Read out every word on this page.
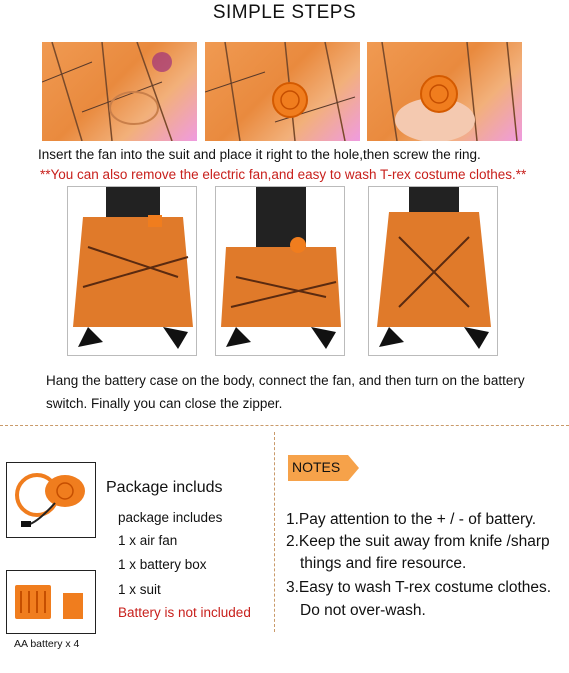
SIMPLE STEPS
Insert the fan into the suit and place it right to the hole,then screw the ring.
**You can also remove the electric fan,and easy to wash T-rex costume clothes.**
Hang the battery case on the body, connect the fan, and then turn on the battery switch. Finally you can close the zipper.
AA battery x 4
Package includs
package includes
1 x air fan
1 x battery box
1 x suit
Battery is not included
NOTES
1.Pay attention to the + / - of battery.
2.Keep the suit away from knife /sharp
things and fire resource.
3.Easy to wash T-rex costume clothes.
Do not over-wash.
